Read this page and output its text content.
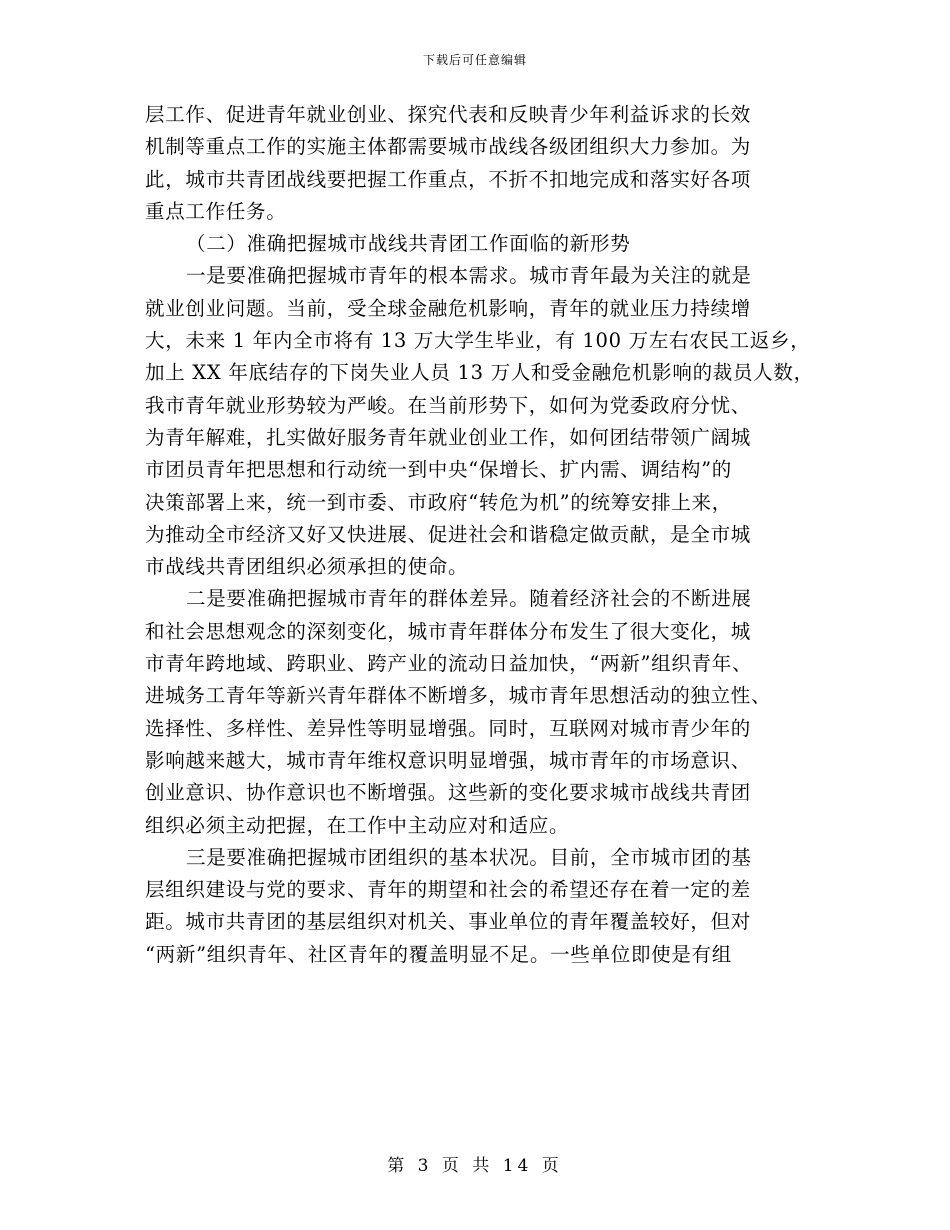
下载后可任意编辑
层工作、促进青年就业创业、探究代表和反映青少年利益诉求的长效
机制等重点工作的实施主体都需要城市战线各级团组织大力参加。为
此，城市共青团战线要把握工作重点，不折不扣地完成和落实好各项
重点工作任务。
（二）准确把握城市战线共青团工作面临的新形势
一是要准确把握城市青年的根本需求。城市青年最为关注的就是
就业创业问题。当前，受全球金融危机影响，青年的就业压力持续增
大，未来 1 年内全市将有 13 万大学生毕业，有 100 万左右农民工返乡，
加上 XX 年底结存的下岗失业人员 13 万人和受金融危机影响的裁员人数，
我市青年就业形势较为严峻。在当前形势下，如何为党委政府分忧、
为青年解难，扎实做好服务青年就业创业工作，如何团结带领广阔城
市团员青年把思想和行动统一到中央“保增长、扩内需、调结构”的
决策部署上来，统一到市委、市政府“转危为机”的统筹安排上来，
为推动全市经济又好又快进展、促进社会和谐稳定做贡献，是全市城
市战线共青团组织必须承担的使命。
二是要准确把握城市青年的群体差异。随着经济社会的不断进展
和社会思想观念的深刻变化，城市青年群体分布发生了很大变化，城
市青年跨地域、跨职业、跨产业的流动日益加快，“两新”组织青年、
进城务工青年等新兴青年群体不断增多，城市青年思想活动的独立性、
选择性、多样性、差异性等明显增强。同时，互联网对城市青少年的
影响越来越大，城市青年维权意识明显增强，城市青年的市场意识、
创业意识、协作意识也不断增强。这些新的变化要求城市战线共青团
组织必须主动把握，在工作中主动应对和适应。
三是要准确把握城市团组织的基本状况。目前，全市城市团的基
层组织建设与党的要求、青年的期望和社会的希望还存在着一定的差
距。城市共青团的基层组织对机关、事业单位的青年覆盖较好，但对
“两新”组织青年、社区青年的覆盖明显不足。一些单位即使是有组
第 3 页 共 14 页
